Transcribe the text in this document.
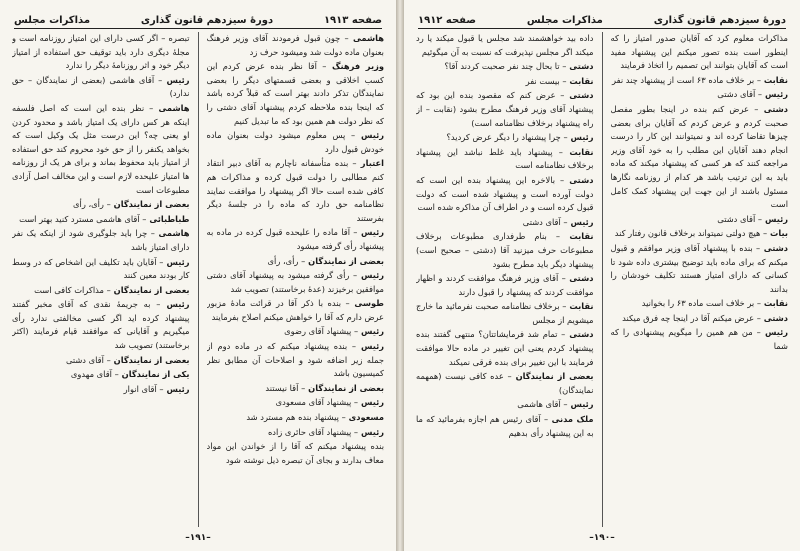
صفحه ۱۹۱۳
دورهٔ سیزدهم قانون گذاری
مذاکرات مجلس

هاشمی – چون قبول فرمودند آقای وزیر فرهنگ بعنوان ماده دولت شد ومیشود حرف زد

وزیر فرهنگ – آقا نظر بنده عرض کردم این کسب اخلاقی و بعضی قسمتهای دیگر را بعضی نمایندگان تذکر دادند بهتر است که قبلاً کرده باشد که اینجا بنده ملاحظه کردم پیشنهاد آقای دشتی را که نظر دولت هم همین بود که ما تبدیل کنیم

رئیس – پس معلوم میشود دولت بعنوان ماده خودش قبول دارد

اعتبار – بنده متأسفانه ناچارم به آقای دبیر انتقاد کنم مطالبی را دولت قبول کرده و مذاکرات هم کافی شده است حالا اگر پیشنهاد را موافقت نمایند نظامنامه حق دارد که ماده را در جلسهٔ دیگر بفرستند

رئیس – آقا ماده را علیحده قبول کرده در ماده به پیشنهاد رأی گرفته میشود

بعضی از نمایندگان – رأی، رأی

رئیس – رأی گرفته میشود به پیشنهاد آقای دشتی موافقین برخیزند (عدهٔ برخاستند) تصویب شد

طوسی – بنده با ذکر آقا در قرائت مادهٔ مزبور عرض دارم که آقا را خواهش میکنم اصلاح بفرمایند

رئیس – پیشنهاد آقای رضوی

رئیس – بنده پیشنهاد میکنم که در ماده دوم از جمله زیر اضافه شود و اصلاحات آن مطابق نظر کمیسیون باشد

بعضی از نمایندگان – آقا نیستند

رئیس – پیشنهاد آقای مسعودی

مسعودی – پیشنهاد بنده هم مسترد شد

رئیس – پیشنهاد آقای حائری زاده

بنده پیشنهاد میکنم که آقا را از خواندن این مواد معاف بدارند و بجای آن تبصره ذیل نوشته شود

تبصره – اگر کسی دارای این امتیاز روزنامه است و مجلهٔ دیگری دارد باید توقیف حق استفاده از امتیاز دیگر خود و اثر روزنامهٔ دیگر را ندارد

رئیس – آقای هاشمی (بعضی از نمایندگان – حق ندارد)

هاشمی – نظر بنده این است که اصل فلسفه اینکه هر کس دارای یک امتیاز باشد و محدود کردن او یعنی چه؟ این درست مثل یک وکیل است که بخواهد یکنفر را از حق خود محروم کند حق استفاده از امتیاز باید محفوظ بماند و برای هر یک از روزنامه ها امتیاز علیحده لازم است و این مخالف اصل آزادی مطبوعات است

بعضی از نمایندگان – رأی، رأی

طباطبائی – آقای هاشمی مسترد کنید بهتر است

هاشمی – چرا باید جلوگیری شود از اینکه یک نفر دارای امتیاز باشد

رئیس – آقایان باید تکلیف این اشخاص که در وسط کار بودند معین کنند

بعضی از نمایندگان – مذاکرات کافی است

رئیس – به جریمهٔ نقدی که آقای مخبر گفتند پیشنهاد کرده اید اگر کسی مخالفتی ندارد رأی میگیریم و آقایانی که موافقند قیام فرمایند (اکثر برخاستند) تصویب شد

بعضی از نمایندگان – آقای دشتی

یکی از نمایندگان – آقای مهدوی

رئیس – آقای انوار

–۱۹۱–
دورهٔ سیزدهم قانون گذاری
مذاکرات مجلس
صفحه ۱۹۱۲

مذاکرات معلوم کرد که آقایان صدور امتیاز را که اینطور است بنده تصور میکنم این پیشنهاد مفید است که آقایان بتوانند این تصمیم را اتخاذ فرمایند

نقابت – بر خلاف ماده ۶۳ است از پیشنهاد چند نفر

رئیس – آقای دشتی

دشتی – عرض کنم بنده در اینجا بطور مفصل صحبت کردم و عرض کردم که آقایان برای بعضی چیزها تقاضا کرده اند و نمیتوانند این کار را درست انجام دهند آقایان این مطلب را به خود آقای وزیر مراجعه کنند که هر کسی که پیشنهاد میکند که ماده باید به این ترتیب باشد هر کدام از روزنامه نگارها مسئول باشند از این جهت این پیشنهاد کمک کامل است

رئیس – آقای دشتی

بیات – هیچ دولتی نمیتواند برخلاف قانون رفتار کند

دشتی – بنده با پیشنهاد آقای وزیر موافقم و قبول میکنم که برای ماده باید توضیح بیشتری داده شود تا کسانی که دارای امتیاز هستند تکلیف خودشان را بدانند

نقابت – بر خلاف است ماده ۶۳ را بخوانید

دشتی – عرض میکنم آقا در اینجا چه فرق میکند

رئیس – من هم همین را میگویم پیشنهادی را که شما

داده بید خواهشمند شد مجلس یا قبول میکند یا رد میکند اگر مجلس نپذیرفت که نسبت به آن میگوئیم

دشتی – تا بحال چند نفر صحبت کردند آقا؟

نقابت – بیست نفر

دشتی – عرض کنم که مقصود بنده این بود که پیشنهاد آقای وزیر فرهنگ مطرح بشود (نقابت – از راه پیشنهاد برخلاف نظامنامه است)

رئیس – چرا پیشنهاد را دیگر عرض کردید؟

نقابت – پیشنهاد باید غلط نباشد این پیشنهاد برخلاف نظامنامه است

دشتی – بالاخره این پیشنهاد بنده این است که دولت آورده است و پیشنهاد شده است که دولت قبول کرده است و در اطراف آن مذاکره شده است

رئیس – آقای دشتی

نقابت – بنام طرفداری مطبوعات برخلاف مطبوعات حرف میزنید آقا (دشتی – صحیح است) پیشنهاد دیگر باید مطرح بشود

دشتی – آقای وزیر فرهنگ موافقت کردند و اظهار موافقت کردند که پیشنهاد را قبول دارند

نقابت – برخلاف نظامنامه صحبت نفرمائید ما خارج میشویم از مجلس

دشتی – تمام شد فرمایشاتتان؟ منتهی گفتند بنده پیشنهاد کردم یعنی این تغییر در ماده حالا موافقت فرمایند با این تغییر برای بنده فرقی نمیکند

بعضی از نمایندگان – عده کافی نیست (همهمه نمایندگان)

رئیس – آقای هاشمی

ملک مدنی – آقای رئیس هم اجازه بفرمائید که ما به این پیشنهاد رأی بدهیم

–۱۹۰–
